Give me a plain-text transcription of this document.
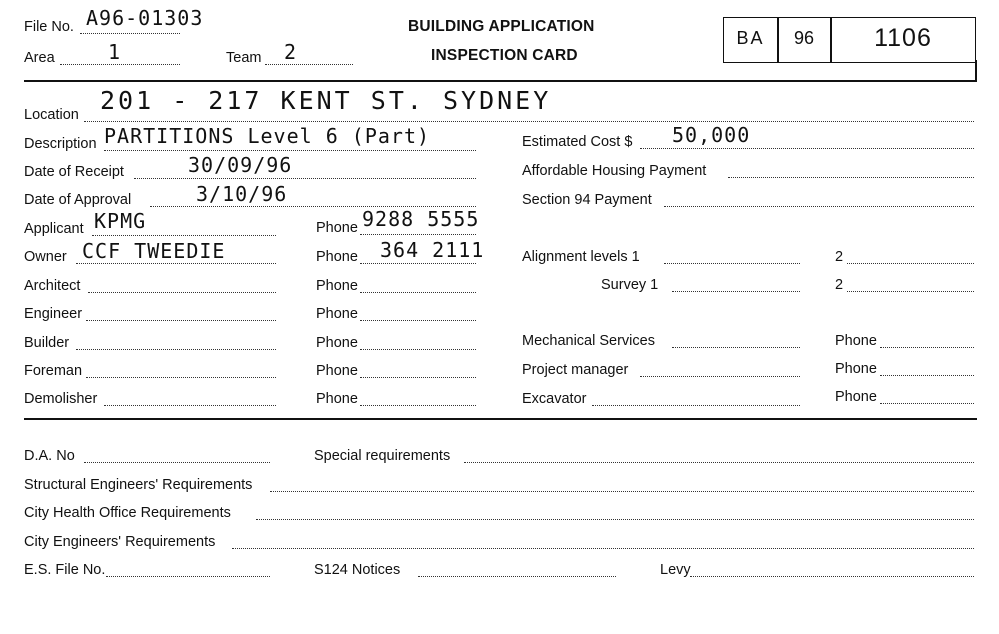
File No. A96-01303
Area	1	Team 2
BUILDING APPLICATION
INSPECTION CARD
BA	96	1106
Location 201 - 217 KENT ST. SYDNEY
Description PARTITIONS Level 6 (Part)	Estimated Cost $ 50,000
Date of Receipt	30/09/96	Affordable Housing Payment
Date of Approval	3/10/96	Section 94 Payment
Applicant KPMG	Phone 9288 5555
Owner CCF TWEEDIE	Phone 364 2111	Alignment levels 1	2
Architect	Phone	Survey 1	2
Engineer	Phone
Builder	Phone	Mechanical Services	Phone
Foreman	Phone	Project manager	Phone
Demolisher	Phone	Excavator	Phone
D.A. No	Special requirements
Structural Engineers' Requirements
City Health Office Requirements
City Engineers' Requirements
E.S. File No.	S124 Notices	Levy
